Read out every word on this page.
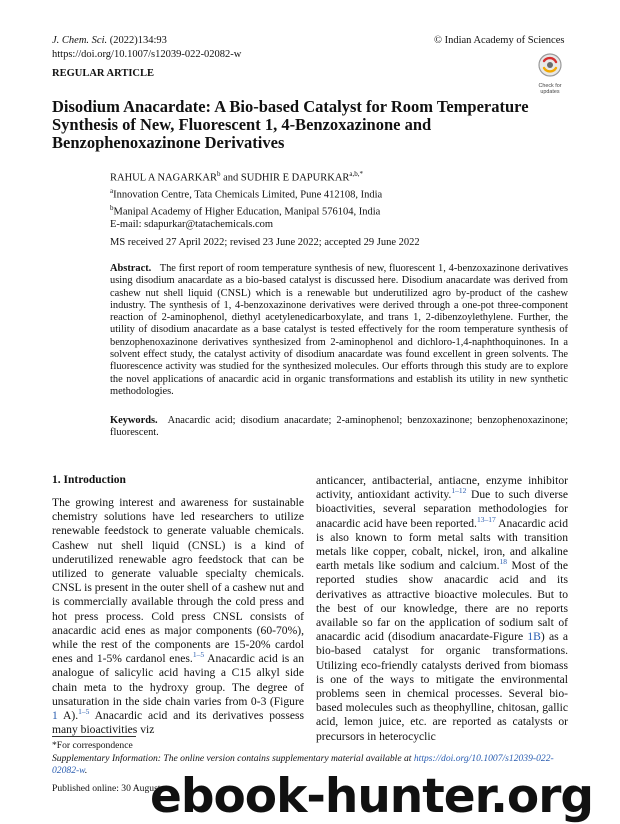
J. Chem. Sci. (2022)134:93
https://doi.org/10.1007/s12039-022-02082-w
© Indian Academy of Sciences
REGULAR ARTICLE
Check for
updates
Disodium Anacardate: A Bio-based Catalyst for Room Temperature Synthesis of New, Fluorescent 1, 4-Benzoxazinone and Benzophenoxazinone Derivatives
RAHUL A NAGARKAR$^b$ and SUDHIR E $DAPURKAR^{a,b,*}$
$^a$Innovation Centre, Tata Chemicals Limited, Pune 412108, India
$^b$Manipal Academy of Higher Education, Manipal 576104, India
E-mail: sdapurkar@tatachemicals.com
MS received 27 April 2022; revised 23 June 2022; accepted 29 June 2022
Abstract. The first report of room temperature synthesis of new, fluorescent 1, 4-benzoxazinone derivatives using disodium anacardate as a bio-based catalyst is discussed here. Disodium anacardate was derived from cashew nut shell liquid (CNSL) which is a renewable but underutilized agro by-product of the cashew industry. The synthesis of 1, 4-benzoxazinone derivatives were derived through a one-pot three-component reaction of 2-aminophenol, diethyl acetylenedicarboxylate, and trans 1, 2-dibenzoylethylene. Further, the utility of disodium anacardate as a base catalyst is tested effectively for the room temperature synthesis of benzophenoxazinone derivatives synthesized from 2-aminophenol and dichloro-1,4-naphthoquinones. In a solvent effect study, the catalyst activity of disodium anacardate was found excellent in green solvents. The fluorescence activity was studied for the synthesized molecules. Our efforts through this study are to explore the novel applications of anacardic acid in organic transformations and establish its utility in new synthetic methodologies.
Keywords. Anacardic acid; disodium anacardate; 2-aminophenol; benzoxazinone; benzophenoxazinone; fluorescent.
1. Introduction

The growing interest and awareness for sustainable chemistry solutions have led researchers to utilize renewable feedstock to generate valuable chemicals. Cashew nut shell liquid (CNSL) is a kind of underutilized renewable agro feedstock that can be utilized to generate valuable specialty chemicals. CNSL is present in the outer shell of a cashew nut and is commercially available through the cold press and hot press process. Cold press CNSL consists of anacardic acid enes as major components (60-70%), while the rest of the components are 15-20% cardol enes and 1-5% cardanol enes.$^{1-5}$ Anacardic acid is an analogue of salicylic acid having a C15 alkyl side chain meta to the hydroxy group. The degree of unsaturation in the side chain varies from 0-3 (Figure 1 A).$^{1-5}$ Anacardic acid and its derivatives possess many bioactivities viz

anticancer, antibacterial, antiacne, enzyme inhibitor activity, antioxidant activity.$^{1-12}$ Due to such diverse bioactivities, several separation methodologies for anacardic acid have been reported.$^{13-17}$ Anacardic acid is also known to form metal salts with transition metals like copper, cobalt, nickel, iron, and alkaline earth metals like sodium and calcium.$^{18}$ Most of the reported studies show anacardic acid and its derivatives as attractive bioactive molecules. But to the best of our knowledge, there are no reports available so far on the application of sodium salt of anacardic acid (disodium anacardate-Figure 1B) as a bio-based catalyst for organic transformations. Utilizing eco-friendly catalysts derived from biomass is one of the ways to mitigate the environmental problems seen in chemical processes. Several bio-based molecules such as theophylline, chitosan, gallic acid, lemon juice, etc. are reported as catalysts or precursors in heterocyclic

*For correspondence
Supplementary Information: The online version contains supplementary material available at https://doi.org/10.1007/s12039-022-02082-w.
Published online: 30 August
ebook-hunter.org
